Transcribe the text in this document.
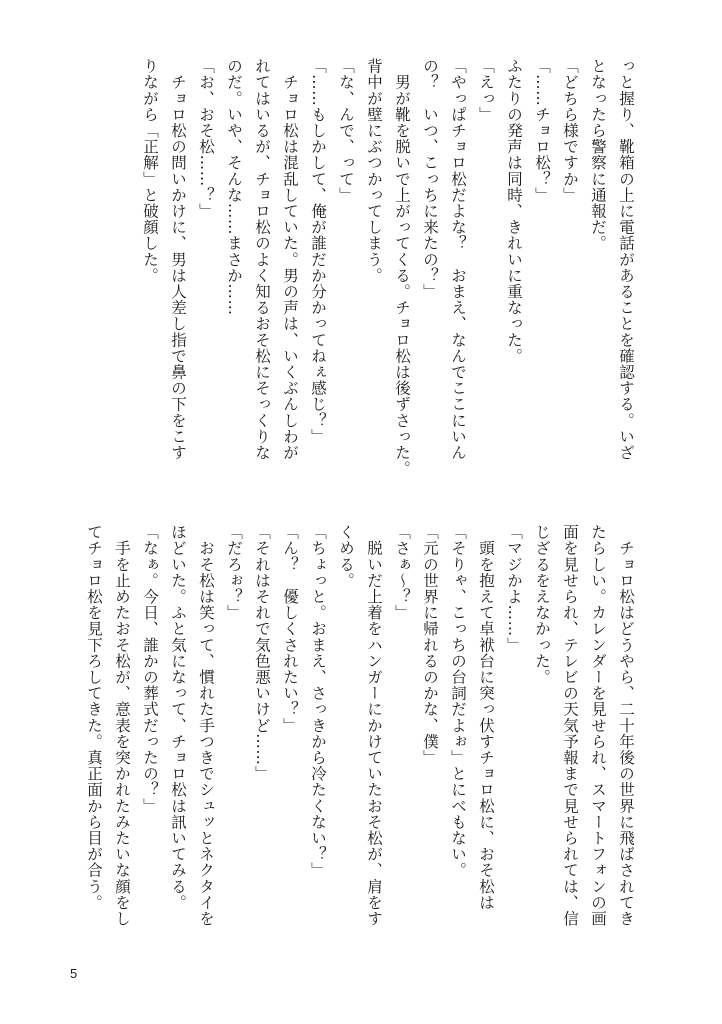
っと握り、靴箱の上に電話があることを確認する。いざ
となったら警察に通報だ。
「どちら様ですか」
「……チョロ松？」
ふたりの発声は同時、きれいに重なった。
「えっ」
「やっぱチョロ松だよな？　おまえ、なんでここにいん
の？　いつ、こっちに来たの？」
　男が靴を脱いで上がってくる。チョロ松は後ずさった。
背中が壁にぶつかってしまう。
「な、んで、って」
「……もしかして、俺が誰だか分かってねぇ感じ？」
　チョロ松は混乱していた。男の声は、いくぶんしわが
れてはいるが、チョロ松のよく知るおそ松にそっくりな
のだ。いや、そんな……まさか……
「お、おそ松……？」
　チョロ松の問いかけに、男は人差し指で鼻の下をこす
りながら「正解」と破顔した。
　チョロ松はどうやら、二十年後の世界に飛ばされてき
たらしい。カレンダーを見せられ、スマートフォンの画
面を見せられ、テレビの天気予報まで見せられては、信
じざるをえなかった。
「マジかよ……」
　頭を抱えて卓袱台に突っ伏すチョロ松に、おそ松は
「そりゃ、こっちの台詞だよぉ」とにべもない。
「元の世界に帰れるのかな、僕」
「さぁ～？」
　脱いだ上着をハンガーにかけていたおそ松が、肩をす
くめる。
「ちょっと。おまえ、さっきから冷たくない？」
「ん？　優しくされたい？」
「それはそれで気色悪いけど……」
「だろぉ？」
　おそ松は笑って、慣れた手つきでシュッとネクタイを
ほどいた。ふと気になって、チョロ松は訊いてみる。
「なぁ。今日、誰かの葬式だったの？」
　手を止めたおそ松が、意表を突かれたみたいな顔をし
てチョロ松を見下ろしてきた。真正面から目が合う。
5
